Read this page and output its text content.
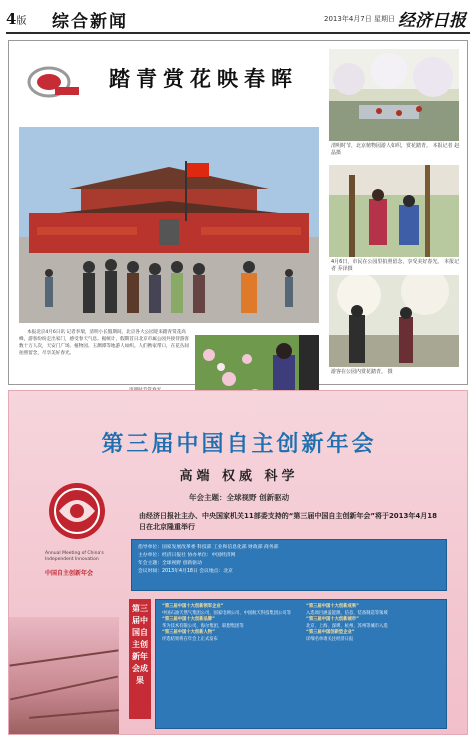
4版 综合新闻	2013年4月7日 星期日 经济日报
踏青赏花映春晖
清明时节，北京植物园游人如织，赏花踏青。 本报记者 赵 晶摄
4月6日，市民在公园里拍照留念，享受美好春光。 本报记者 乔泽摄
游客在公园内赏花踏青。 摄
本报北京4月6日讯 记者李瑞，清明小长假期间，北京各大公园迎来踏青赏花高峰，游客纷纷走出家门，感受春天气息。据统计，假期首日北京市属公园共接待游客数十万人次，天安门广场、植物园、玉渊潭等地游人如织。人们携家带口，在花丛间拍照留念，尽享美好春光。
第三届中国自主创新年会
高端 权威 科学
年会主题：全球视野 创新驱动
由经济日报社主办、中央国家机关11部委支持的“第三届中国自主创新年会”将于2013年4月18日在北京隆重举行
Annual Meeting of China's Independent Innovation
中国自主创新年会

指导单位：国家发展改革委 科技部 工业和信息化部 财政部 商务部

主办单位：经济日报社 协办单位：中国经济网

年会主题：全球视野 创新驱动

会议时间：2013年4月18日 会议地点：北京

第三届中国自主创新年会成果
“第三届中国十大创新领军企业”
中国石油天然气集团公司、国家电网公司、中国航天科技集团公司等
“第三届中国十大创新品牌”
华为技术有限公司、海尔集团、联想集团等
“第三届中国十大创新人物”
评选结果将在年会上正式发布
“第三届中国十大创新成果”
入选项目涵盖能源、信息、装备制造等领域
“第三届中国十大创新城市”
北京、上海、深圳、杭州、苏州等城市入选
“第三届中国创新型企业”
详细名单请关注经济日报
